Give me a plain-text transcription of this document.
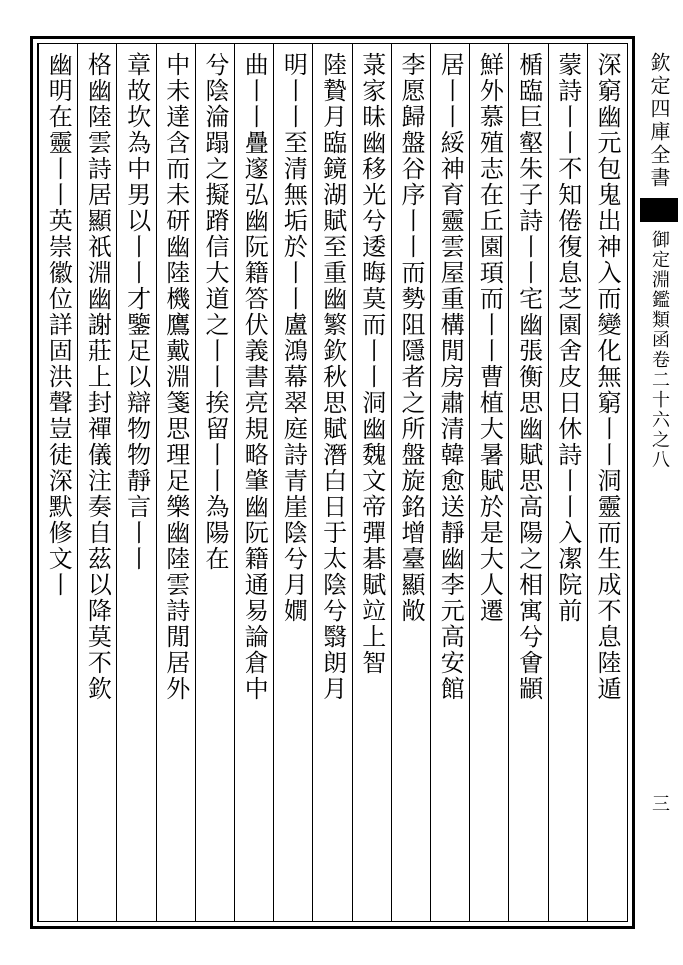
欽定四庫全書
御定淵鑑類函卷二十六之八
三
深窮幽元包鬼出神入而變化無窮丨丨洞靈而生成不息陸遁
蒙詩丨丨不知倦復息芝園舍皮日休詩丨丨入㓗院前
楯臨巨壑朱子詩丨丨宅幽張衡思幽賦思高陽之相寓兮㑹顓
鮮外慕殖志在丘園頊而丨丨曹植大暑賦於是大人遷
居丨丨綏神育靈雲屋重構閒房肅清韓愈送靜幽李元高安館
李愿歸盤谷序丨丨而勢阻隱者之所盤旋銘增臺顯敞
菉家昧幽移光兮逶晦莫而丨丨洞幽魏文帝彈碁賦竝上智
陸贄月臨鏡湖賦至重幽繁欽秋思賦潛白日于太陰兮翳朗月
明丨丨至清無垢於丨丨盧鴻幕翠庭詩青崖陰兮月嫺
曲丨丨疊邃弘幽阮籍答伏義書亮規略肇幽阮籍通易論倉中
兮陰淪蹋之擬蹐信大道之丨丨挨留丨丨為陽在
中未達含而未研幽陸機鷹戴淵箋思理足樂幽陸雲詩閒居外
章故坎為中男以丨丨才鑒足以辯物物靜言丨丨
格幽陸雲詩居顯祇淵幽謝莊上封禪儀注奏自茲以降莫不欽
幽明在靈丨丨英崇徽位詳固洪聲豈徒深默修文丨
